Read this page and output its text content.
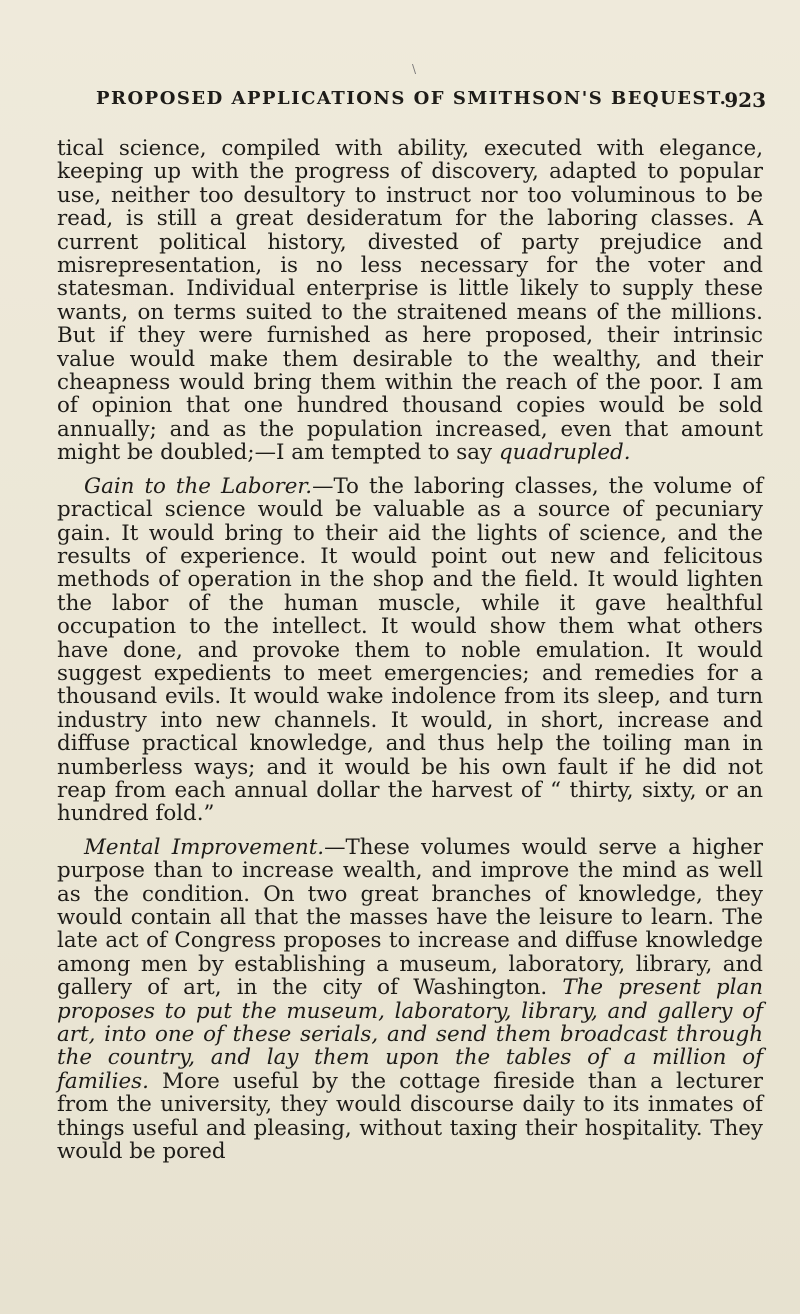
\
PROPOSED APPLICATIONS OF SMITHSON'S BEQUEST.
923

tical science, compiled with ability, executed with elegance, keeping up with the progress of discovery, adapted to popular use, neither too desultory to instruct nor too voluminous to be read, is still a great desideratum for the laboring classes. A current political history, divested of party prejudice and misrepresentation, is no less necessary for the voter and statesman. Individual enterprise is little likely to supply these wants, on terms suited to the straitened means of the millions. But if they were furnished as here proposed, their intrinsic value would make them desirable to the wealthy, and their cheapness would bring them within the reach of the poor. I am of opinion that one hundred thousand copies would be sold annually; and as the population increased, even that amount might be doubled;—I am tempted to say quadrupled.

Gain to the Laborer.—To the laboring classes, the volume of practical science would be valuable as a source of pecuniary gain. It would bring to their aid the lights of science, and the results of experience. It would point out new and felicitous methods of operation in the shop and the field. It would lighten the labor of the human muscle, while it gave healthful occupation to the intellect. It would show them what others have done, and provoke them to noble emulation. It would suggest expedients to meet emergencies; and remedies for a thousand evils. It would wake indolence from its sleep, and turn industry into new channels. It would, in short, increase and diffuse practical knowledge, and thus help the toiling man in numberless ways; and it would be his own fault if he did not reap from each annual dollar the harvest of “ thirty, sixty, or an hundred fold.”

Mental Improvement.—These volumes would serve a higher purpose than to increase wealth, and improve the mind as well as the condition. On two great branches of knowledge, they would contain all that the masses have the leisure to learn. The late act of Congress proposes to increase and diffuse knowledge among men by establishing a museum, laboratory, library, and gallery of art, in the city of Washington. The present plan proposes to put the museum, laboratory, library, and gallery of art, into one of these serials, and send them broadcast through the country, and lay them upon the tables of a million of families. More useful by the cottage fireside than a lecturer from the university, they would discourse daily to its inmates of things useful and pleasing, without taxing their hospitality. They would be pored
